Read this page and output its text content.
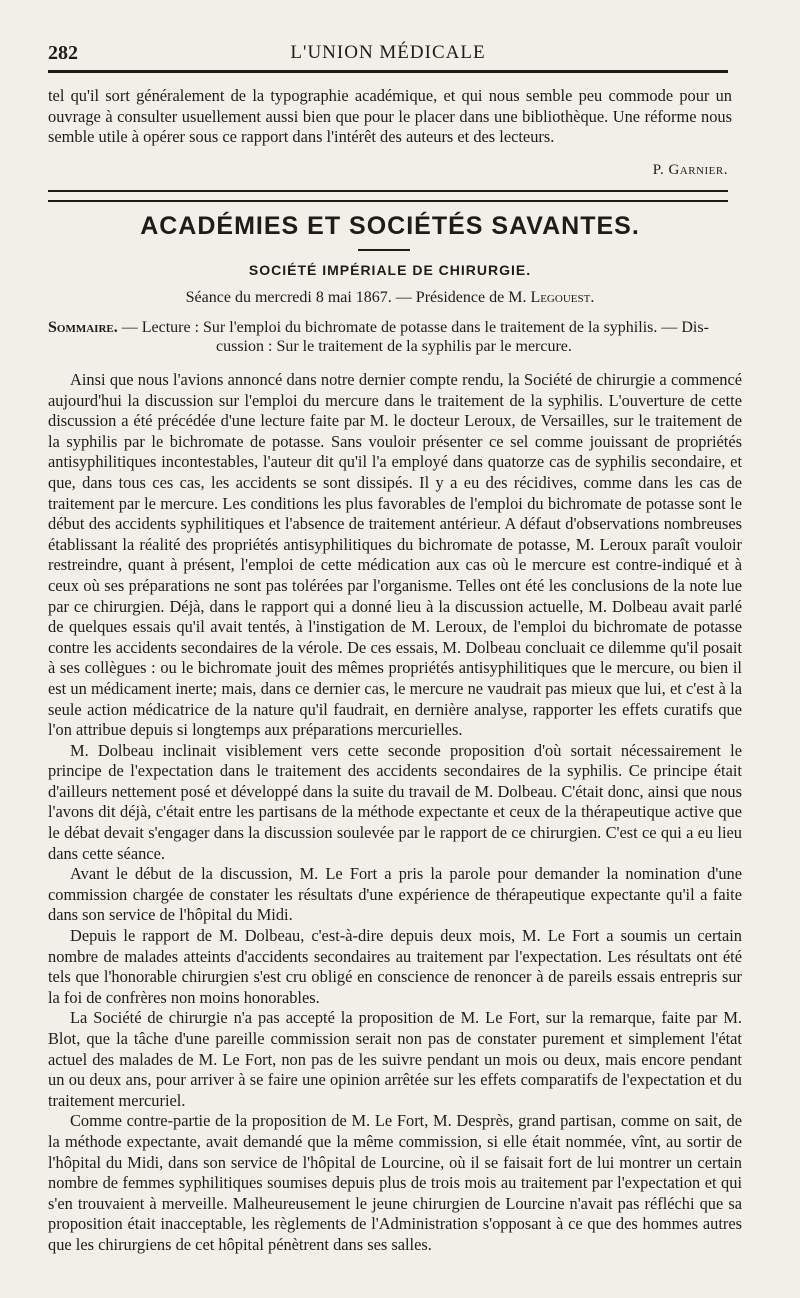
282	L'UNION MÉDICALE

tel qu'il sort généralement de la typographie académique, et qui nous semble peu commode pour un ouvrage à consulter usuellement aussi bien que pour le placer dans une bibliothèque. Une réforme nous semble utile à opérer sous ce rapport dans l'intérêt des auteurs et des lecteurs.

P. Garnier.
ACADÉMIES ET SOCIÉTÉS SAVANTES.
SOCIÉTÉ IMPÉRIALE DE CHIRURGIE.
Séance du mercredi 8 mai 1867. — Présidence de M. Legouest.
Sommaire. — Lecture : Sur l'emploi du bichromate de potasse dans le traitement de la syphilis. — Dis-
cussion : Sur le traitement de la syphilis par le mercure.

Ainsi que nous l'avions annoncé dans notre dernier compte rendu, la Société de chirurgie a commencé aujourd'hui la discussion sur l'emploi du mercure dans le traitement de la syphilis. L'ouverture de cette discussion a été précédée d'une lecture faite par M. le docteur Leroux, de Versailles, sur le traitement de la syphilis par le bichromate de potasse. Sans vouloir présenter ce sel comme jouissant de propriétés antisyphilitiques incontestables, l'auteur dit qu'il l'a employé dans quatorze cas de syphilis secondaire, et que, dans tous ces cas, les accidents se sont dissipés. Il y a eu des récidives, comme dans les cas de traitement par le mercure. Les conditions les plus favorables de l'emploi du bichromate de potasse sont le début des accidents syphilitiques et l'absence de traitement antérieur. A défaut d'observations nombreuses établissant la réalité des propriétés antisyphilitiques du bichromate de potasse, M. Leroux paraît vouloir restreindre, quant à présent, l'emploi de cette médication aux cas où le mercure est contre-indiqué et à ceux où ses préparations ne sont pas tolérées par l'organisme. Telles ont été les conclusions de la note lue par ce chirurgien. Déjà, dans le rapport qui a donné lieu à la discussion actuelle, M. Dolbeau avait parlé de quelques essais qu'il avait tentés, à l'instigation de M. Leroux, de l'emploi du bichromate de potasse contre les accidents secondaires de la vérole. De ces essais, M. Dolbeau concluait ce dilemme qu'il posait à ses collègues : ou le bichromate jouit des mêmes propriétés antisyphilitiques que le mercure, ou bien il est un médicament inerte; mais, dans ce dernier cas, le mercure ne vaudrait pas mieux que lui, et c'est à la seule action médicatrice de la nature qu'il faudrait, en dernière analyse, rapporter les effets curatifs que l'on attribue depuis si longtemps aux préparations mercurielles.

M. Dolbeau inclinait visiblement vers cette seconde proposition d'où sortait nécessairement le principe de l'expectation dans le traitement des accidents secondaires de la syphilis. Ce principe était d'ailleurs nettement posé et développé dans la suite du travail de M. Dolbeau. C'était donc, ainsi que nous l'avons dit déjà, c'était entre les partisans de la méthode expectante et ceux de la thérapeutique active que le débat devait s'engager dans la discussion soulevée par le rapport de ce chirurgien. C'est ce qui a eu lieu dans cette séance.

Avant le début de la discussion, M. Le Fort a pris la parole pour demander la nomination d'une commission chargée de constater les résultats d'une expérience de thérapeutique expectante qu'il a faite dans son service de l'hôpital du Midi.

Depuis le rapport de M. Dolbeau, c'est-à-dire depuis deux mois, M. Le Fort a soumis un certain nombre de malades atteints d'accidents secondaires au traitement par l'expectation. Les résultats ont été tels que l'honorable chirurgien s'est cru obligé en conscience de renoncer à de pareils essais entrepris sur la foi de confrères non moins honorables.

La Société de chirurgie n'a pas accepté la proposition de M. Le Fort, sur la remarque, faite par M. Blot, que la tâche d'une pareille commission serait non pas de constater purement et simplement l'état actuel des malades de M. Le Fort, non pas de les suivre pendant un mois ou deux, mais encore pendant un ou deux ans, pour arriver à se faire une opinion arrêtée sur les effets comparatifs de l'expectation et du traitement mercuriel.

Comme contre-partie de la proposition de M. Le Fort, M. Desprès, grand partisan, comme on sait, de la méthode expectante, avait demandé que la même commission, si elle était nommée, vînt, au sortir de l'hôpital du Midi, dans son service de l'hôpital de Lourcine, où il se faisait fort de lui montrer un certain nombre de femmes syphilitiques soumises depuis plus de trois mois au traitement par l'expectation et qui s'en trouvaient à merveille. Malheureusement le jeune chirurgien de Lourcine n'avait pas réfléchi que sa proposition était inacceptable, les règlements de l'Administration s'opposant à ce que des hommes autres que les chirurgiens de cet hôpital pénètrent dans ses salles.
